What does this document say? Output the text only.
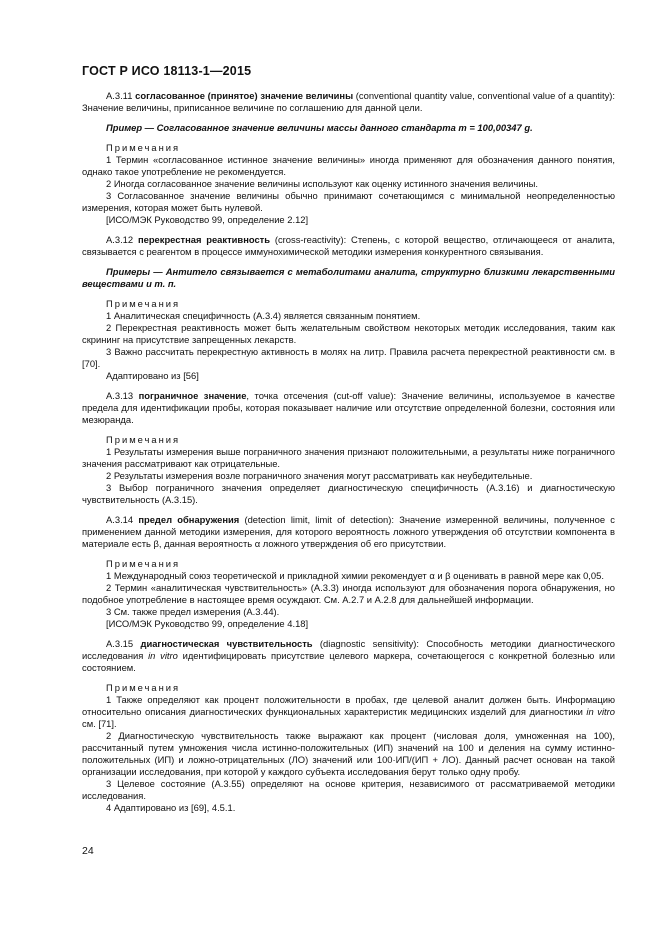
ГОСТ Р ИСО 18113-1—2015

А.3.11 согласованное (принятое) значение величины (conventional quantity value, conventional value of a quantity): Значение величины, приписанное величине по соглашению для данной цели.

Пример — Согласованное значение величины массы данного стандарта m = 100,00347 g.

Примечания

1 Термин «согласованное истинное значение величины» иногда применяют для обозначения данного понятия, однако такое употребление не рекомендуется.

2 Иногда согласованное значение величины используют как оценку истинного значения величины.

3 Согласованное значение величины обычно принимают сочетающимся с минимальной неопределенностью измерения, которая может быть нулевой.

[ИСО/МЭК Руководство 99, определение 2.12]

А.3.12 перекрестная реактивность (cross-reactivity): Степень, с которой вещество, отличающееся от аналита, связывается с реагентом в процессе иммунохимической методики измерения конкурентного связывания.

Примеры — Антитело связывается с метаболитами аналита, структурно близкими лекарственными веществами и т. п.

Примечания

1 Аналитическая специфичность (А.3.4) является связанным понятием.

2 Перекрестная реактивность может быть желательным свойством некоторых методик исследования, таким как скрининг на присутствие запрещенных лекарств.

3 Важно рассчитать перекрестную активность в молях на литр. Правила расчета перекрестной реактивности см. в [70].

Адаптировано из [56]

А.3.13 пограничное значение, точка отсечения (cut-off value): Значение величины, используемое в качестве предела для идентификации пробы, которая показывает наличие или отсутствие определенной болезни, состояния или мезюранда.

Примечания

1 Результаты измерения выше пограничного значения признают положительными, а результаты ниже пограничного значения рассматривают как отрицательные.

2 Результаты измерения возле пограничного значения могут рассматривать как неубедительные.

3 Выбор пограничного значения определяет диагностическую специфичность (А.3.16) и диагностическую чувствительность (А.3.15).

А.3.14 предел обнаружения (detection limit, limit of detection): Значение измеренной величины, полученное с применением данной методики измерения, для которого вероятность ложного утверждения об отсутствии компонента в материале есть β, данная вероятность α ложного утверждения об его присутствии.

Примечания

1 Международный союз теоретической и прикладной химии рекомендует α и β оценивать в равной мере как 0,05.

2 Термин «аналитическая чувствительность» (А.3.3) иногда используют для обозначения порога обнаружения, но подобное употребление в настоящее время осуждают. См. А.2.7 и А.2.8 для дальнейшей информации.

3 См. также предел измерения (А.3.44).

[ИСО/МЭК Руководство 99, определение 4.18]

А.3.15 диагностическая чувствительность (diagnostic sensitivity): Способность методики диагностического исследования in vitro идентифицировать присутствие целевого маркера, сочетающегося с конкретной болезнью или состоянием.

Примечания

1 Также определяют как процент положительности в пробах, где целевой аналит должен быть. Информацию относительно описания диагностических функциональных характеристик медицинских изделий для диагностики in vitro см. [71].

2 Диагностическую чувствительность также выражают как процент (числовая доля, умноженная на 100), рассчитанный путем умножения числа истинно-положительных (ИП) значений на 100 и деления на сумму истинно-положительных (ИП) и ложно-отрицательных (ЛО) значений или 100·ИП/(ИП + ЛО). Данный расчет основан на такой организации исследования, при которой у каждого субъекта исследования берут только одну пробу.

3 Целевое состояние (А.3.55) определяют на основе критерия, независимого от рассматриваемой методики исследования.

4 Адаптировано из [69], 4.5.1.

24
